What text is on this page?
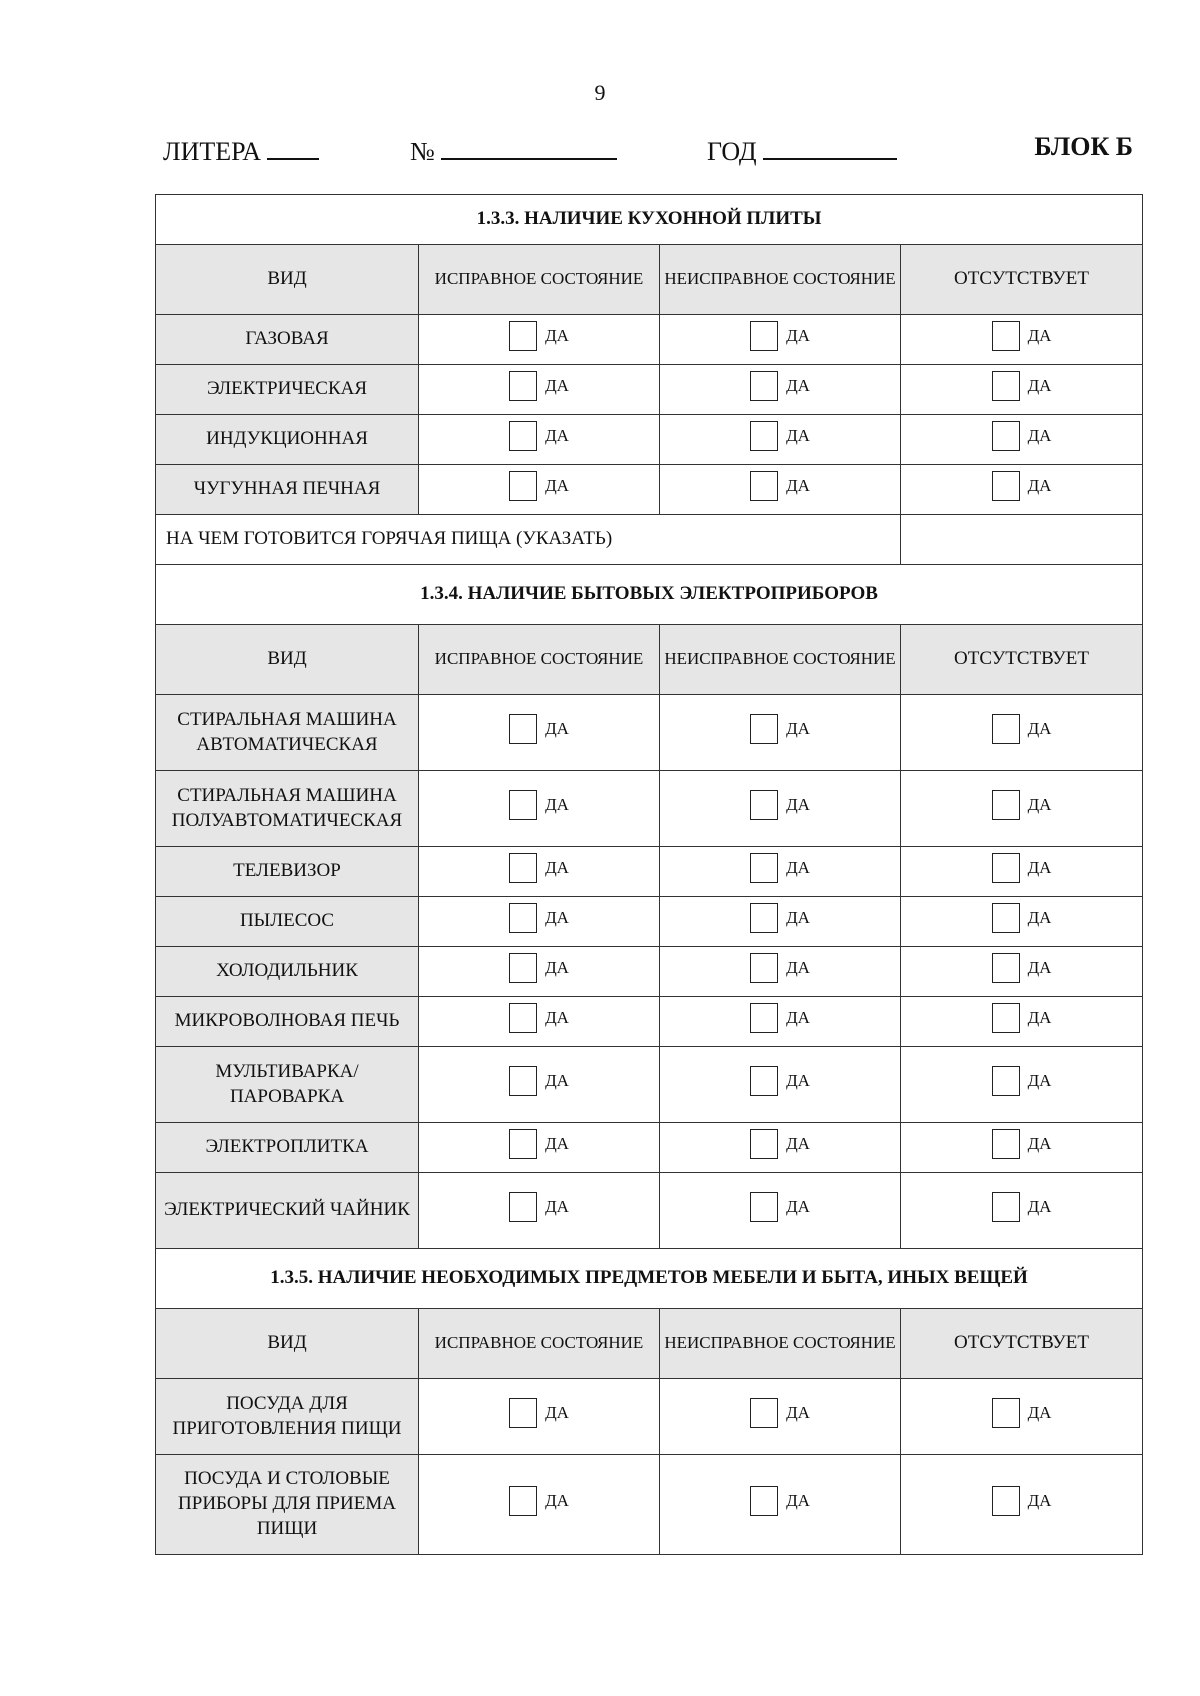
9
ЛИТЕРА	№	ГОД	БЛОК Б
1.3.3. НАЛИЧИЕ КУХОННОЙ ПЛИТЫ			
ВИД	ИСПРАВНОЕ СОСТОЯНИЕ	НЕИСПРАВНОЕ СОСТОЯНИЕ	ОТСУТСТВУЕТ
ГАЗОВАЯ	ДА	ДА	ДА

ЭЛЕКТРИЧЕСКАЯ	ДА	ДА	ДА

ИНДУКЦИОННАЯ	ДА	ДА	ДА

ЧУГУННАЯ ПЕЧНАЯ	ДА	ДА	ДА

НА ЧЕМ ГОТОВИТСЯ ГОРЯЧАЯ ПИЩА (УКАЗАТЬ)			
1.3.4. НАЛИЧИЕ БЫТОВЫХ ЭЛЕКТРОПРИБОРОВ			
ВИД	ИСПРАВНОЕ СОСТОЯНИЕ	НЕИСПРАВНОЕ СОСТОЯНИЕ	ОТСУТСТВУЕТ
СТИРАЛЬНАЯ МАШИНА АВТОМАТИЧЕСКАЯ	ДА	ДА	ДА

СТИРАЛЬНАЯ МАШИНА ПОЛУАВТОМАТИЧЕСКАЯ	ДА	ДА	ДА

ТЕЛЕВИЗОР	ДА	ДА	ДА

ПЫЛЕСОС	ДА	ДА	ДА

ХОЛОДИЛЬНИК	ДА	ДА	ДА

МИКРОВОЛНОВАЯ ПЕЧЬ	ДА	ДА	ДА

МУЛЬТИВАРКА/ ПАРОВАРКА	ДА	ДА	ДА

ЭЛЕКТРОПЛИТКА	ДА	ДА	ДА

ЭЛЕКТРИЧЕСКИЙ ЧАЙНИК	ДА	ДА	ДА

1.3.5. НАЛИЧИЕ НЕОБХОДИМЫХ ПРЕДМЕТОВ МЕБЕЛИ И БЫТА, ИНЫХ ВЕЩЕЙ			
ВИД	ИСПРАВНОЕ СОСТОЯНИЕ	НЕИСПРАВНОЕ СОСТОЯНИЕ	ОТСУТСТВУЕТ
ПОСУДА ДЛЯ ПРИГОТОВЛЕНИЯ ПИЩИ	ДА	ДА	ДА

ПОСУДА И СТОЛОВЫЕ ПРИБОРЫ ДЛЯ ПРИЕМА ПИЩИ	ДА	ДА	ДА
